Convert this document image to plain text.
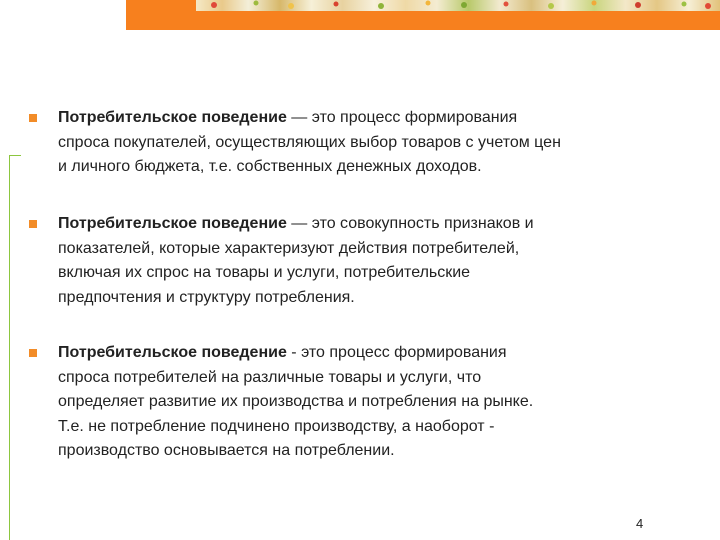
Потребительское поведение — это процесс формирования
спроса покупателей, осуществляющих выбор товаров с учетом цен
и личного бюджета, т.е. собственных денежных доходов.
Потребительское поведение — это совокупность признаков и
показателей, которые характеризуют действия потребителей,
включая их спрос на товары и услуги, потребительские
предпочтения и структуру потребления.
Потребительское поведение - это процесс формирования
спроса потребителей на различные товары и услуги, что
определяет развитие их производства и потребления на рынке.
Т.е. не потребление подчинено производству, а наоборот -
производство основывается на потреблении.
4
